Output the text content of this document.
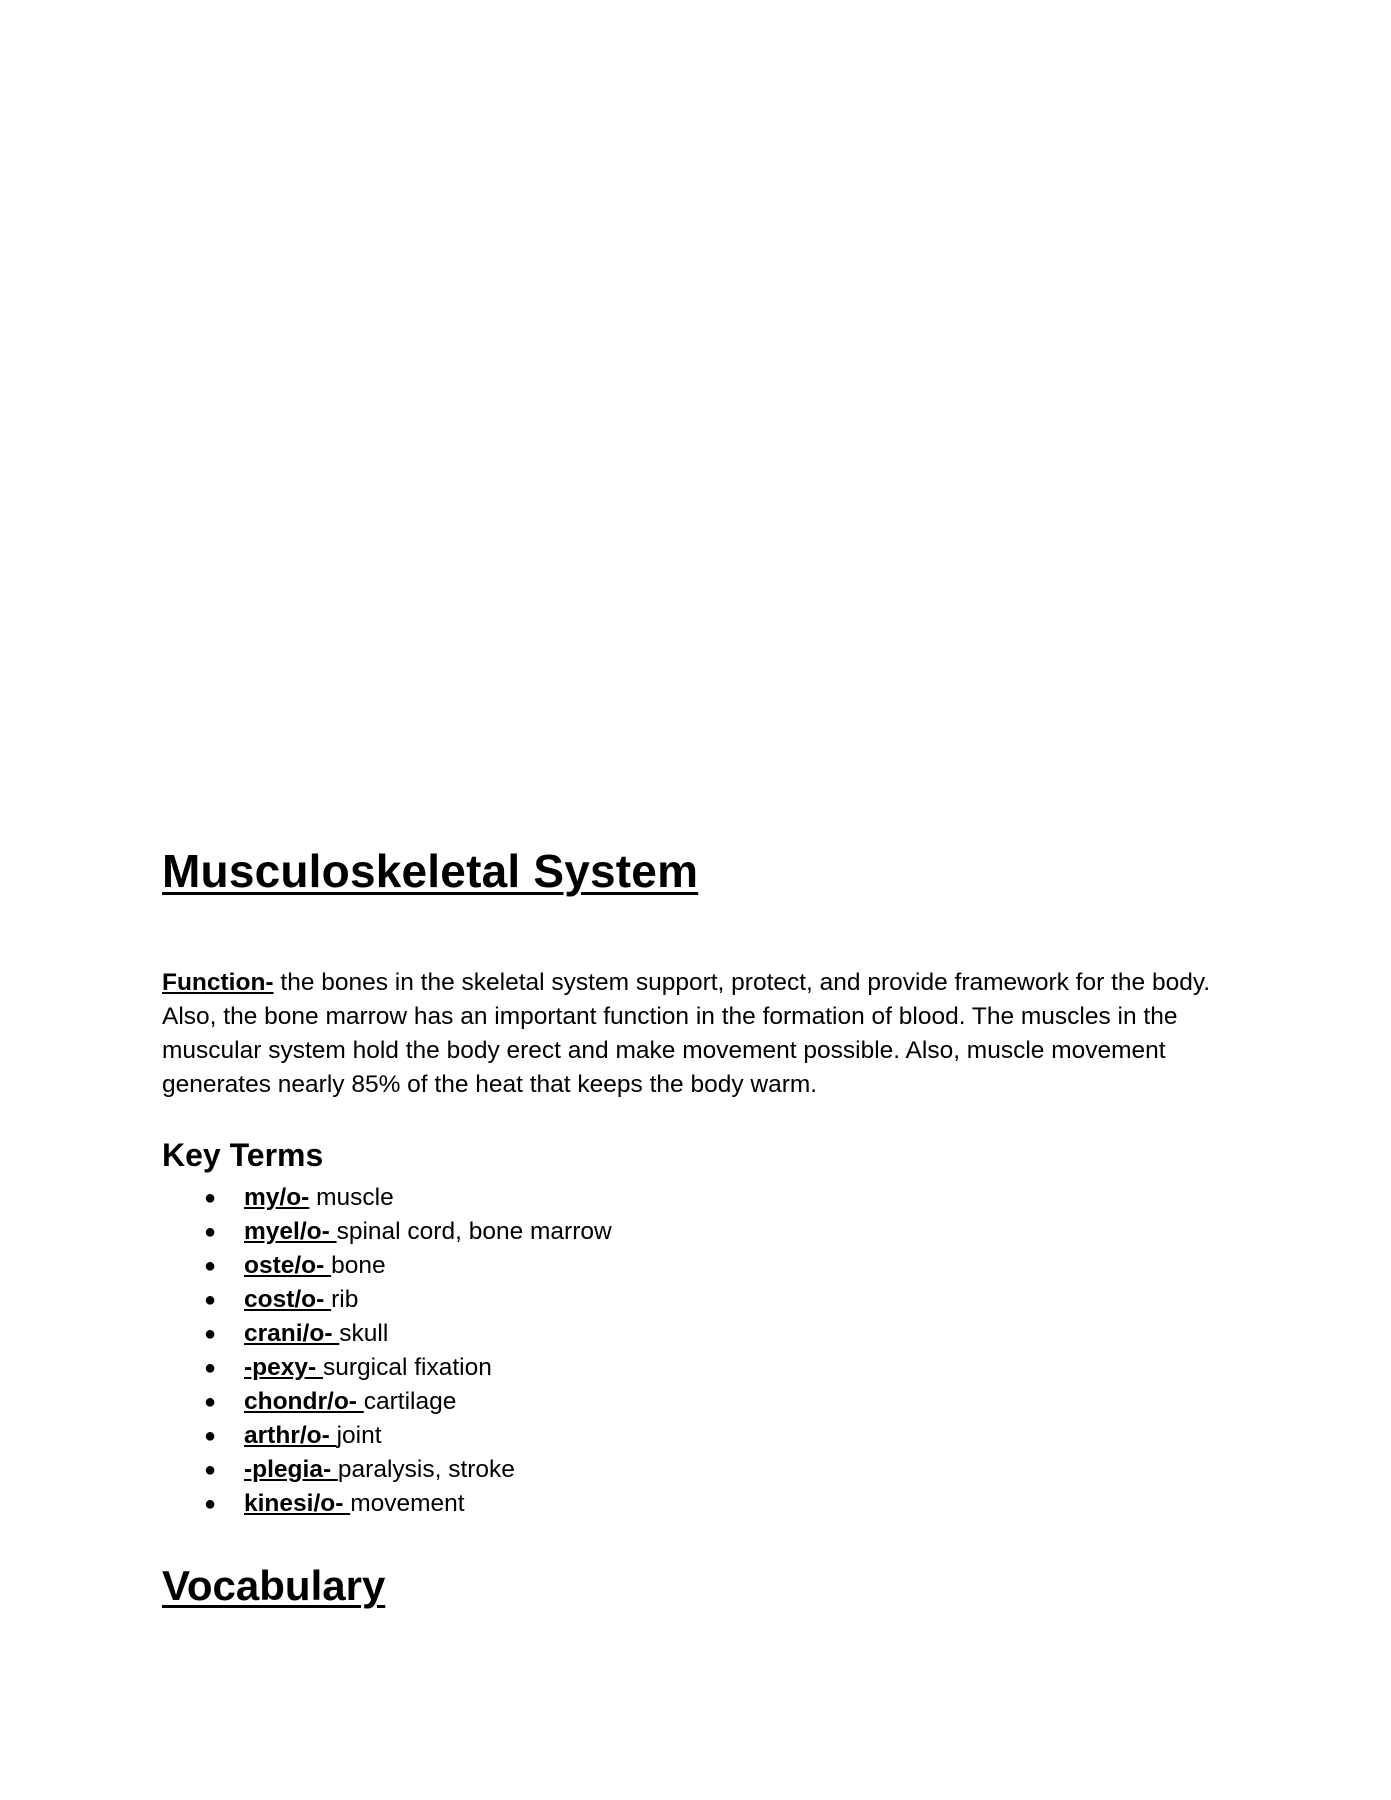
Musculoskeletal System

Function- the bones in the skeletal system support, protect, and provide framework for the body. Also, the bone marrow has an important function in the formation of blood. The muscles in the muscular system hold the body erect and make movement possible. Also, muscle movement generates nearly 85% of the heat that keeps the body warm.

Key Terms
● my/o- muscle
● myel/o- spinal cord, bone marrow
● oste/o- bone
● cost/o- rib
● crani/o- skull
● -pexy- surgical fixation
● chondr/o- cartilage
● arthr/o- joint
● -plegia- paralysis, stroke
● kinesi/o- movement
Vocabulary
